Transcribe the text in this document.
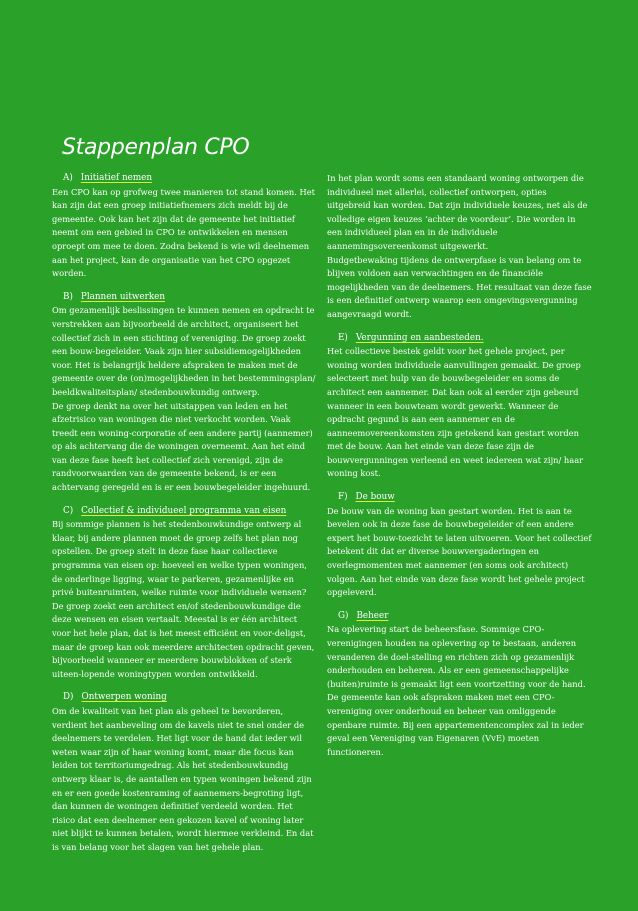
Stappenplan CPO
A) Initiatief nemen

Een CPO kan op grofweg twee manieren tot stand komen. Het kan zijn dat een groep initiatiefnemers zich meldt bij de gemeente. Ook kan het zijn dat de gemeente het initiatief neemt om een gebied in CPO te ontwikkelen en mensen oproept om mee te doen. Zodra bekend is wie wil deelnemen aan het project, kan de organisatie van het CPO opgezet worden.

B) Plannen uitwerken

Om gezamenlijk beslissingen te kunnen nemen en opdracht te verstrekken aan bijvoorbeeld de architect, organiseert het collectief zich in een stichting of vereniging. De groep zoekt een bouw-begeleider. Vaak zijn hier subsidiemogelijkheden voor. Het is belangrijk heldere afspraken te maken met de gemeente over de (on)mogelijkheden in het bestemmingsplan/ beeldkwaliteitsplan/ stedenbouwkundig ontwerp.

De groep denkt na over het uitstappen van leden en het afzetrisico van woningen die niet verkocht worden. Vaak treedt een woning-corporatie of een andere partij (aannemer) op als achtervang die de woningen overneemt. Aan het eind van deze fase heeft het collectief zich verenigd, zijn de randvoorwaarden van de gemeente bekend, is er een achtervang geregeld en is er een bouwbegeleider ingehuurd.

C) Collectief & individueel programma van eisen

Bij sommige plannen is het stedenbouwkundige ontwerp al klaar, bij andere plannen moet de groep zelfs het plan nog opstellen. De groep stelt in deze fase haar collectieve programma van eisen op: hoeveel en welke typen woningen, de onderlinge ligging, waar te parkeren, gezamenlijke en privé buitenruimten, welke ruimte voor individuele wensen? De groep zoekt een architect en/of stedenbouwkundige die deze wensen en eisen vertaalt. Meestal is er één architect voor het hele plan, dat is het meest efficiënt en voor-deligst, maar de groep kan ook meerdere architecten opdracht geven, bijvoorbeeld wanneer er meerdere bouwblokken of sterk uiteen-lopende woningtypen worden ontwikkeld.

D) Ontwerpen woning

Om de kwaliteit van het plan als geheel te bevorderen, verdient het aanbeveling om de kavels niet te snel onder de deelnemers te verdelen. Het ligt voor de hand dat ieder wil weten waar zijn of haar woning komt, maar die focus kan leiden tot territoriumgedrag. Als het stedenbouwkundig ontwerp klaar is, de aantallen en typen woningen bekend zijn en er een goede kostenraming of aannemers-begroting ligt, dan kunnen de woningen definitief verdeeld worden. Het risico dat een deelnemer een gekozen kavel of woning later niet blijkt te kunnen betalen, wordt hiermee verkleind. En dat is van belang voor het slagen van het gehele plan.

In het plan wordt soms een standaard woning ontworpen die individueel met allerlei, collectief ontworpen, opties uitgebreid kan worden. Dat zijn individuele keuzes, net als de volledige eigen keuzes ‘achter de voordeur’. Die worden in een individueel plan en in de individuele aannemingsovereenkomst uitgewerkt.

Budgetbewaking tijdens de ontwerpfase is van belang om te blijven voldoen aan verwachtingen en de financiële mogelijkheden van de deelnemers. Het resultaat van deze fase is een definitief ontwerp waarop een omgevingsvergunning aangevraagd wordt.

E) Vergunning en aanbesteden.

Het collectieve bestek geldt voor het gehele project, per woning worden individuele aanvullingen gemaakt. De groep selecteert met hulp van de bouwbegeleider en soms de architect een aannemer. Dat kan ook al eerder zijn gebeurd wanneer in een bouwteam wordt gewerkt. Wanneer de opdracht gegund is aan een aannemer en de aanneemovereenkomsten zijn getekend kan gestart worden met de bouw. Aan het einde van deze fase zijn de bouwvergunningen verleend en weet iedereen wat zijn/ haar woning kost.

F) De bouw

De bouw van de woning kan gestart worden. Het is aan te bevelen ook in deze fase de bouwbegeleider of een andere expert het bouw-toezicht te laten uitvoeren. Voor het collectief betekent dit dat er diverse bouwvergaderingen en overlegmomenten met aannemer (en soms ook architect) volgen. Aan het einde van deze fase wordt het gehele project opgeleverd.

G) Beheer

Na oplevering start de beheersfase. Sommige CPO-verenigingen houden na oplevering op te bestaan, anderen veranderen de doel-stelling en richten zich op gezamenlijk onderhouden en beheren. Als er een gemeenschappelijke (buiten)ruimte is gemaakt ligt een voortzetting voor de hand. De gemeente kan ook afspraken maken met een CPO-vereniging over onderhoud en beheer van omliggende openbare ruimte. Bij een appartementencomplex zal in ieder geval een Vereniging van Eigenaren (VvE) moeten functioneren.
